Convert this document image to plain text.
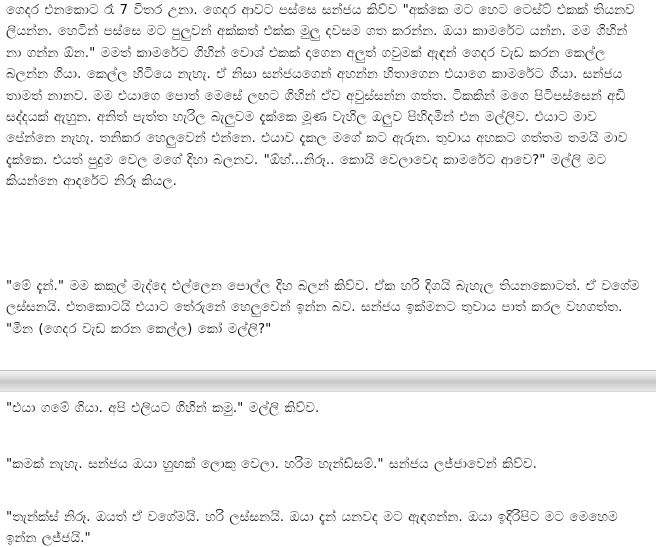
ගෙදර එනකොට රෑ 7 විතර උනා. ගෙදර ආවට පස්සෙ සන්ජය කිව්ව "අක්කෙ මට හෙට ටෙස්ට් එකක් තියනව ලියන්න. හෙටින් පස්සෙ මට පුලුවන් අක්කත් එක්ක මුලු දවසම ගත කරන්න. ඔයා කාමරේට යන්න. මම ගිහින් නා ගන්න ඕන." මමත් කාමරේට ගිහින් වොශ් එකක් දාගෙන අලුත් ගවුමක් ඇඳන් ගෙදර වැඩ කරන කෙල්ල බලන්න ගියා. කෙල්ල හිටියෙ නැහැ. ඒ නිසා සන්ජයගෙන් අහන්න හිතාගෙන එයාගෙ කාමරේට ගියා. සන්ජය තාමත් නානව. මම එයාගෙ පොත් මෙසේ ලඟට ගිහින් ඒව අවුස්සන්න ගත්ත. ටිකකින් මගෙ පිටිපස්සෙන් අඩි සද්දයක් ඇහුන. අනිත් පැත්ත හැරිල බැලුවම දැක්කෙ මූණ වැහිල ඔලුව පිහිදමින් එන මල්ලිව. එයාට මාව පේන්නෙ නැහැ. තනිකර හෙලුවෙන් එන්නෙ. එයාව දැකල මගේ කට ඇරුන. තුවාය අහකට ගත්තම තමයි මාව දැක්කෙ. එයත් පුදුම වෙල මගේ දිහා බලනව. "ඕහ්...නිරූ.. කොයි වෙලාවෙද කාමරේට ආවෙ?" මල්ලි මට කියන්නෙ ආදරේට නිරූ කියල.

"මේ දැන්." මම කකුල් මැද්දෙ එල්ලෙන පොල්ල දිහ බලන් කිව්ව. ඒක හරි දිගයි බැහැල තියනකොටත්. ඒ වගේම ලස්සනයි. එතකොටයි එයාට තේරුනේ හෙලුවෙන් ඉන්න බව. සන්ජය ඉක්මනට තුවාය පාත් කරල වහගත්ත. "මීන (ගෙදර වැඩ කරන කෙල්ල) කෝ මල්ලි?"

"එයා ගමේ ගියා. අපි එලියට ගිහින් කමු." මල්ලි කිව්ව.

"කමක් නැහැ. සන්ජය ඔයා හුඟක් ලොකු වෙලා. හරිම හැන්ඩ්සම්." සන්ජය ලජ්ජාවෙන් කිව්ව.

"තැන්ක්ස් නිරූ. ඔයත් ඒ වගේමයි. හරි ලස්සනයි. ඔයා දැන් යනවද මට ඇඳගන්න. ඔයා ඉදිරිපිට මට මෙහෙම ඉන්න ලජ්ජයි."
